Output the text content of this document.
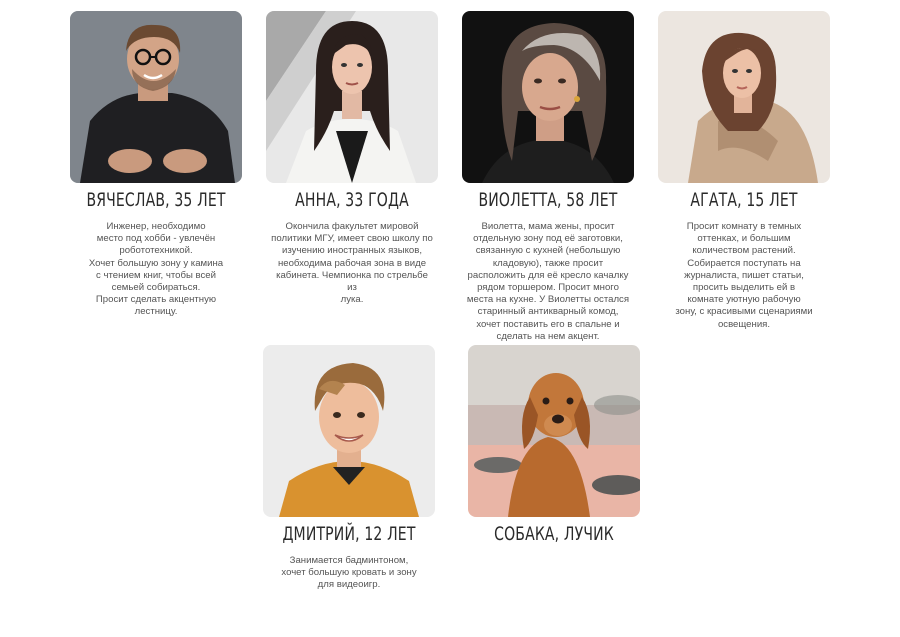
ВЯЧЕСЛАВ, 35 ЛЕТ
Инженер, необходимо
место под хобби - увлечён
робототехникой.
Хочет большую зону у камина
с чтением книг, чтобы всей
семьей собираться.
Просит сделать акцентную
лестницу.
АННА, 33 ГОДА
Окончила факультет мировой
политики МГУ, имеет свою школу по
изучению иностранных языков,
необходима рабочая зона в виде
кабинета. Чемпионка по стрельбе из
лука.
ВИОЛЕТТА, 58 ЛЕТ
Виолетта, мама жены, просит
отдельную зону под её заготовки,
связанную с кухней (небольшую
кладовую), также просит
расположить для её кресло качалку
рядом торшером. Просит много
места на кухне. У Виолетты остался
старинный антикварный комод,
хочет поставить его в спальне и
сделать на нем акцент.
АГАТА, 15 ЛЕТ
Просит комнату в темных
оттенках, и большим
количеством растений.
Собирается поступать на
журналиста, пишет статьи,
просить выделить ей в
комнате уютную рабочую
зону, с красивыми сценариями
освещения.
ДМИТРИЙ, 12 ЛЕТ
Занимается бадминтоном,
хочет большую кровать и зону
для видеоигр.
СОБАКА, ЛУЧИК
